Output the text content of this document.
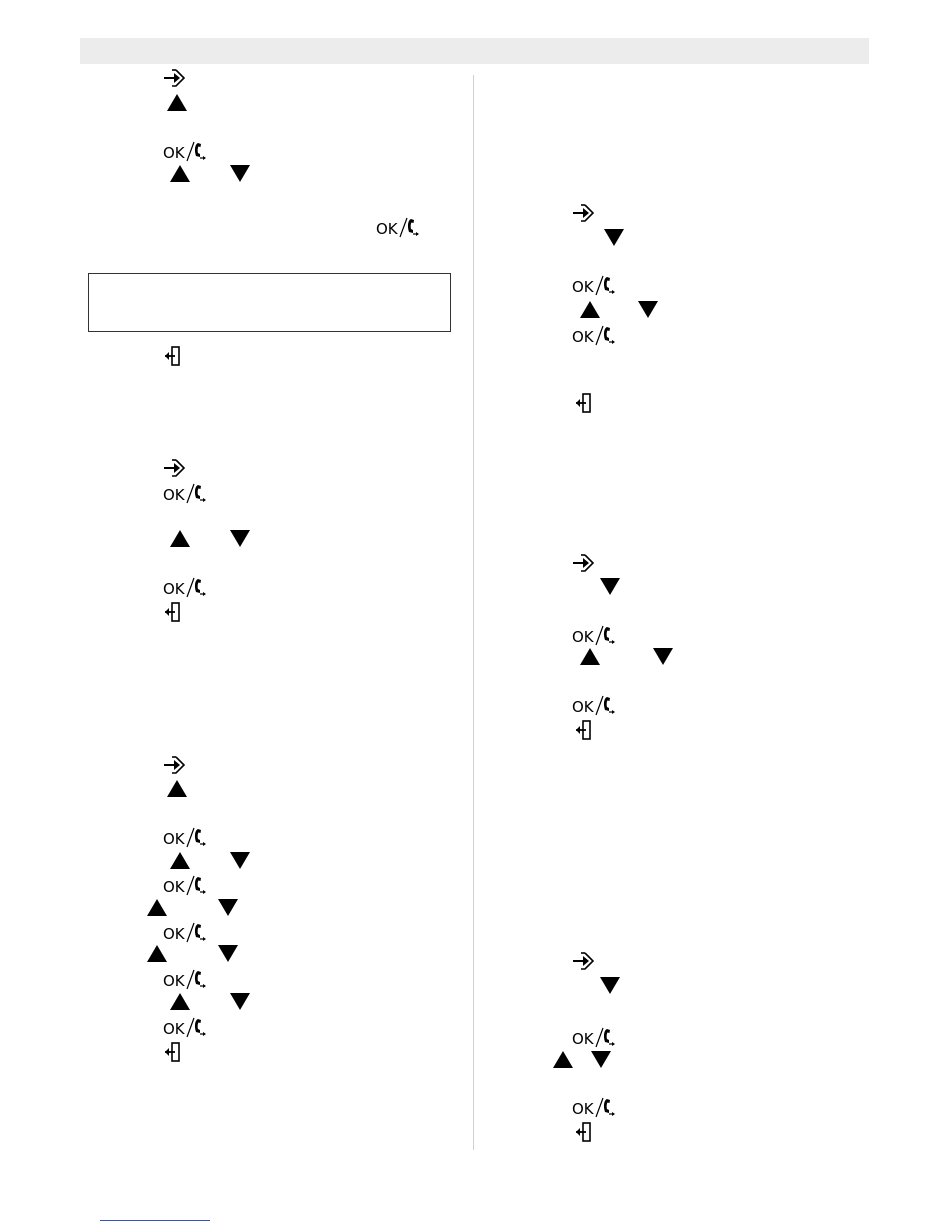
OK
OK
OK
OK
OK
OK
OK
OK
OK
OK
OK
OK
OK
OK
OK
